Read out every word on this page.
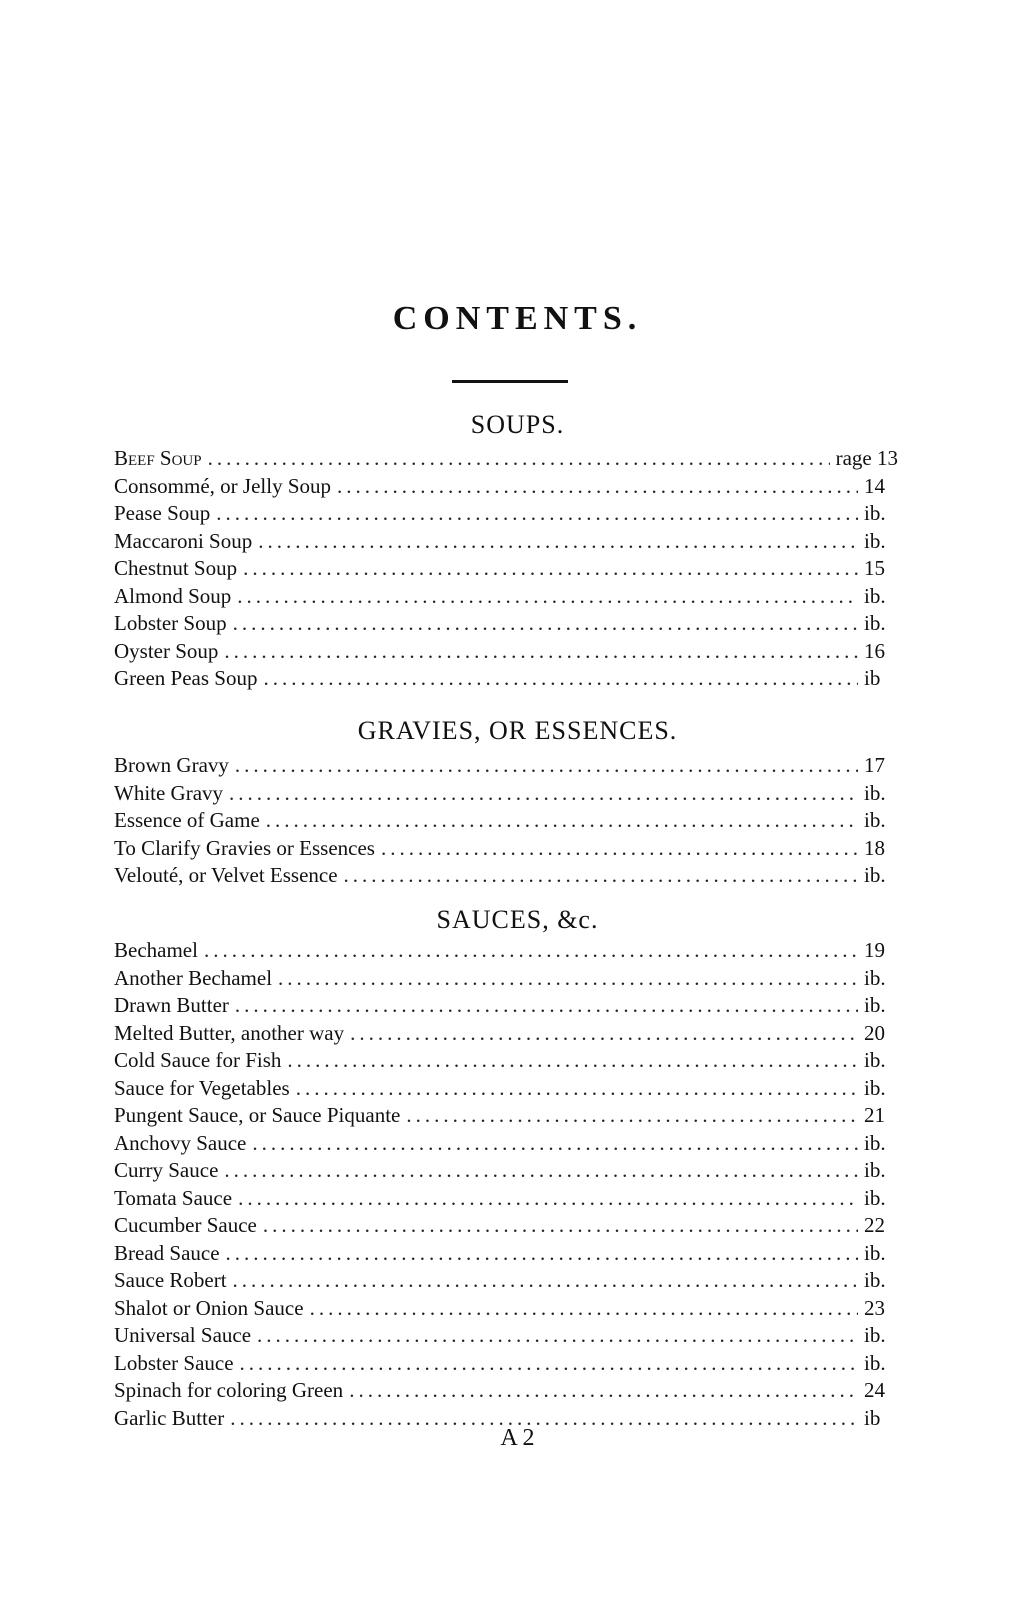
CONTENTS.
SOUPS.
Beef Soup .....	rage 13
Consommé, or Jelly Soup .....	14
Pease Soup .....	ib.
Maccaroni Soup .....	ib.
Chestnut Soup .....	15
Almond Soup .....	ib.
Lobster Soup .....	ib.
Oyster Soup .....	16
Green Peas Soup .....	ib
GRAVIES, OR ESSENCES.
Brown Gravy .....	17
White Gravy .....	ib.
Essence of Game .....	ib.
To Clarify Gravies or Essences .....	18
Velouté, or Velvet Essence .....	ib.
SAUCES, &c.
Bechamel .....	19
Another Bechamel .....	ib.
Drawn Butter .....	ib.
Melted Butter, another way .....	20
Cold Sauce for Fish .....	ib.
Sauce for Vegetables .....	ib.
Pungent Sauce, or Sauce Piquante .....	21
Anchovy Sauce .....	ib.
Curry Sauce .....	ib.
Tomata Sauce .....	ib.
Cucumber Sauce .....	22
Bread Sauce .....	ib.
Sauce Robert .....	ib.
Shalot or Onion Sauce .....	23
Universal Sauce .....	ib.
Lobster Sauce .....	ib.
Spinach for coloring Green .....	24
Garlic Butter .....	ib
A 2
